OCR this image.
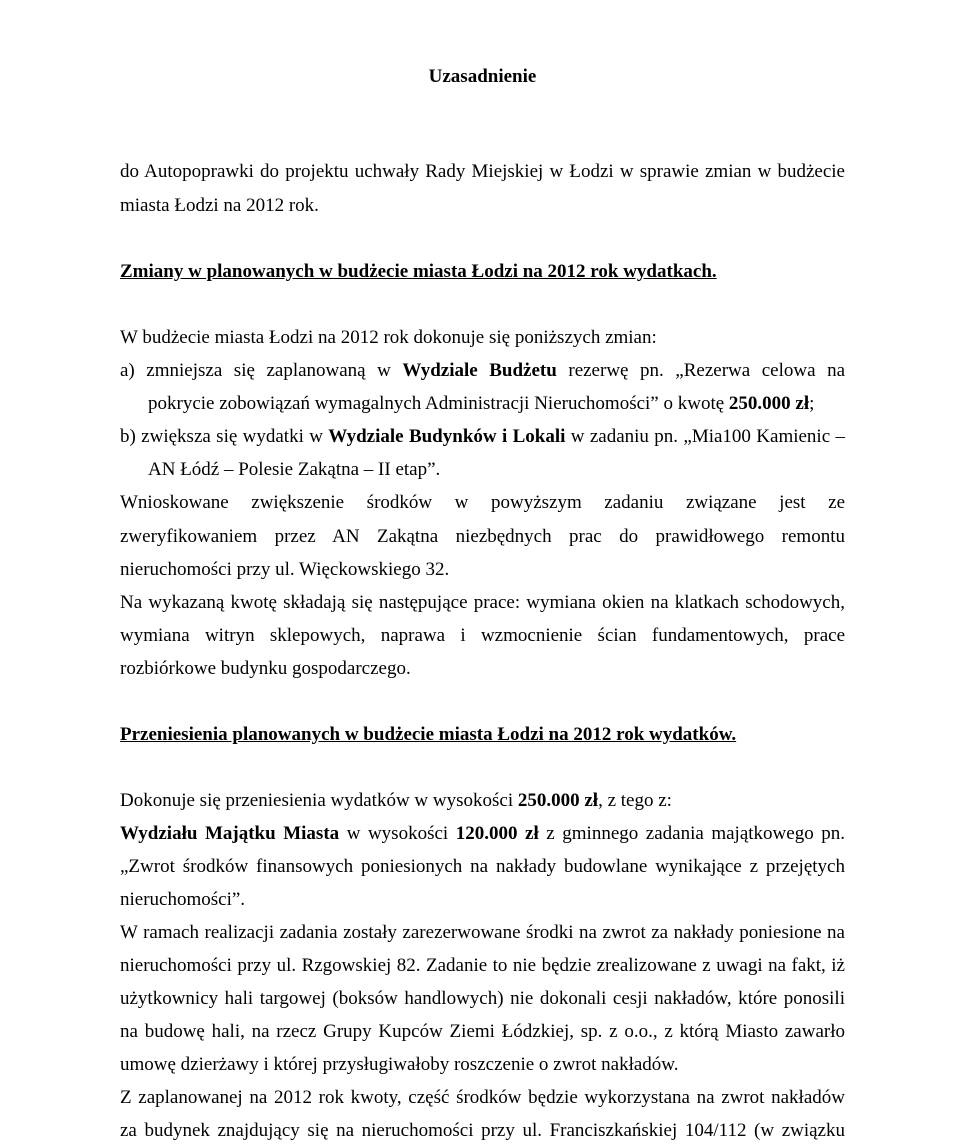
Uzasadnienie
do Autopoprawki do projektu uchwały Rady Miejskiej w Łodzi w sprawie zmian w budżecie
miasta Łodzi na 2012 rok.
Zmiany w planowanych w budżecie miasta Łodzi na 2012 rok wydatkach.
W budżecie miasta Łodzi na 2012 rok dokonuje się poniższych zmian:
a) zmniejsza się zaplanowaną w Wydziale Budżetu rezerwę pn. „Rezerwa celowa na
pokrycie zobowiązań wymagalnych Administracji Nieruchomości” o kwotę 250.000 zł;
b) zwiększa się wydatki w Wydziale Budynków i Lokali w zadaniu pn. „Mia100 Kamienic –
AN Łódź – Polesie Zakątna – II etap”.
Wnioskowane zwiększenie środków w powyższym zadaniu związane jest ze
zweryfikowaniem przez AN Zakątna niezbędnych prac do prawidłowego remontu
nieruchomości przy ul. Więckowskiego 32.
Na wykazaną kwotę składają się następujące prace: wymiana okien na klatkach schodowych,
wymiana witryn sklepowych, naprawa i wzmocnienie ścian fundamentowych, prace
rozbiórkowe budynku gospodarczego.
Przeniesienia planowanych w budżecie miasta Łodzi na 2012 rok wydatków.
Dokonuje się przeniesienia wydatków w wysokości 250.000 zł, z tego z:
Wydziału Majątku Miasta w wysokości 120.000 zł z gminnego zadania majątkowego pn.
„Zwrot środków finansowych poniesionych na nakłady budowlane wynikające z przejętych
nieruchomości”.
W ramach realizacji zadania zostały zarezerwowane środki na zwrot za nakłady poniesione na
nieruchomości przy ul. Rzgowskiej 82. Zadanie to nie będzie zrealizowane z uwagi na fakt, iż
użytkownicy hali targowej (boksów handlowych) nie dokonali cesji nakładów, które ponosili
na budowę hali, na rzecz Grupy Kupców Ziemi Łódzkiej, sp. z o.o., z którą Miasto zawarło
umowę dzierżawy i której przysługiwałoby roszczenie o zwrot nakładów.
Z zaplanowanej na 2012 rok kwoty, część środków będzie wykorzystana na zwrot nakładów
za budynek znajdujący się na nieruchomości przy ul. Franciszkańskiej 104/112 (w związku
